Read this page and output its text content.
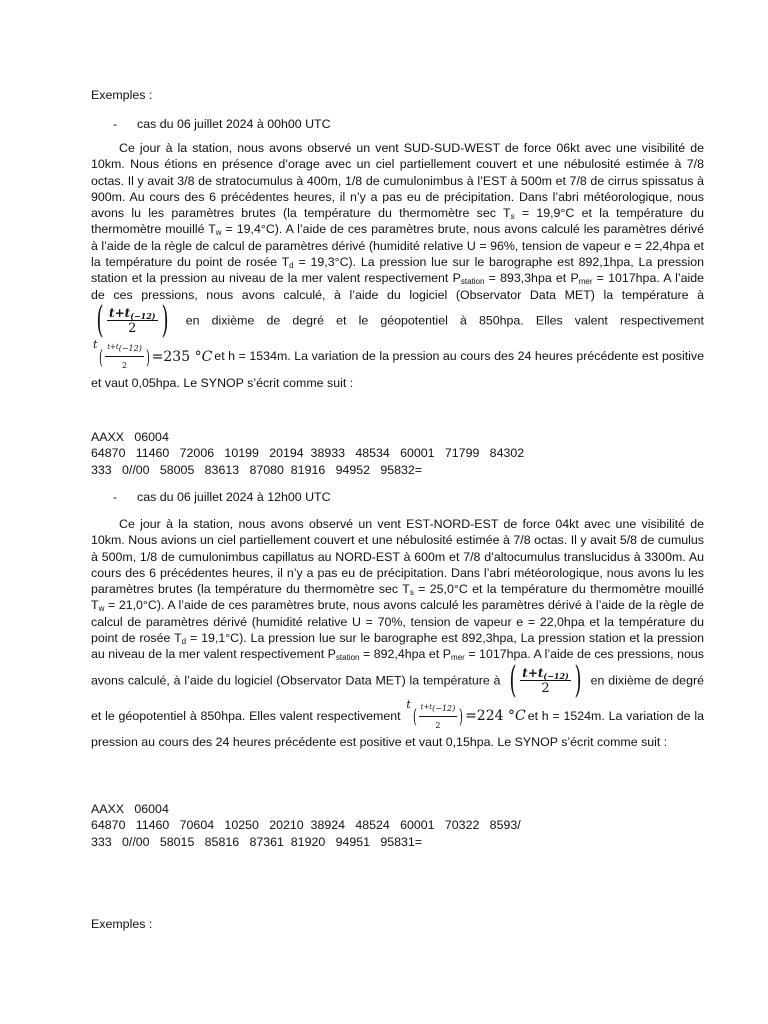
Exemples :
- cas du 06 juillet 2024 à 00h00 UTC
Ce jour à la station, nous avons observé un vent SUD-SUD-WEST de force 06kt avec une visibilité de 10km. Nous étions en présence d’orage avec un ciel partiellement couvert et une nébulosité estimée à 7/8 octas. Il y avait 3/8 de stratocumulus à 400m, 1/8 de cumulonimbus à l’EST à 500m et 7/8 de cirrus spissatus à 900m. Au cours des 6 précédentes heures, il n’y a pas eu de précipitation. Dans l’abri météorologique, nous avons lu les paramètres brutes (la température du thermomètre $\sec T_s = 19,9^\circ C$ et la température du thermomètre mouillé $T_w = 19,4^\circ C$). A l’aide de ces paramètres brute, nous avons calculé les paramètres dérivé à l’aide de la règle de calcul de paramètres dérivé (humidité relative U = 96%, tension de vapeur e = 22,4hpa et la température du point de rosée $T_d = 19,3^\circ C$). La pression lue sur le barographe est 892,1hpa, La pression station et la pression au niveau de la mer valent respectivement $P_{station} = 893,3hpa$ et $P_{mer} = 1017hpa$. A l’aide de ces pressions, nous avons calculé, à l’aide du logiciel (Observator Data MET) la température à
( $\frac{t+t_{(-12)}}{2}$ ) en dixième de degré et le géopotentiel à 850hpa. Elles valent respectivement
t
( $\frac{t+t_{(-12)}}{2}$ ) =235 °C et h = 1534m. La variation de la pression au cours des 24 heures précédente est positive et vaut 0,05hpa. Le SYNOP s’écrit comme suit :
AAXX   06004
64870   11460   72006   10199   20194  38933   48534   60001   71799   84302
333   0//00   58005   83613   87080  81916   94952   95832=
- cas du 06 juillet 2024 à 12h00 UTC
Ce jour à la station, nous avons observé un vent EST-NORD-EST de force 04kt avec une visibilité de 10km. Nous avions un ciel partiellement couvert et une nébulosité estimée à 7/8 octas. Il y avait 5/8 de cumulus à 500m, 1/8 de cumulonimbus capillatus au NORD-EST à 600m et 7/8 d’altocumulus translucidus à 3300m. Au cours des 6 précédentes heures, il n’y a pas eu de précipitation. Dans l’abri météorologique, nous avons lu les paramètres brutes (la température du thermomètre $\sec T_s = 25,0^\circ C$ et la température du thermomètre mouillé $T_w = 21,0^\circ C$). A l’aide de ces paramètres brute, nous avons calculé les paramètres dérivé à l’aide de la règle de calcul de paramètres dérivé (humidité relative U = 70%, tension de vapeur e = 22,0hpa et la température du point de rosée $T_d = 19,1^\circ C$). La pression lue sur le barographe est 892,3hpa, La pression station et la pression au niveau de la mer valent respectivement $P_{station} = 892,4hpa$ et $P_{mer} = 1017hpa$. A l’aide de ces pressions, nous avons calculé, à l’aide du logiciel (Observator Data MET) la température à ( $\frac{t+t_{(-12)}}{2}$ ) en dixième de degré et le géopotentiel à 850hpa. Elles valent respectivement
t
( $\frac{t+t_{(-12)}}{2}$ ) =224 °C et h = 1524m. La variation de la pression au cours des 24 heures précédente est positive et vaut 0,15hpa. Le SYNOP s’écrit comme suit :
AAXX   06004
64870   11460   70604   10250   20210  38924   48524   60001   70322   8593/
333   0//00   58015   85816   87361  81920   94951   95831=
Exemples :
